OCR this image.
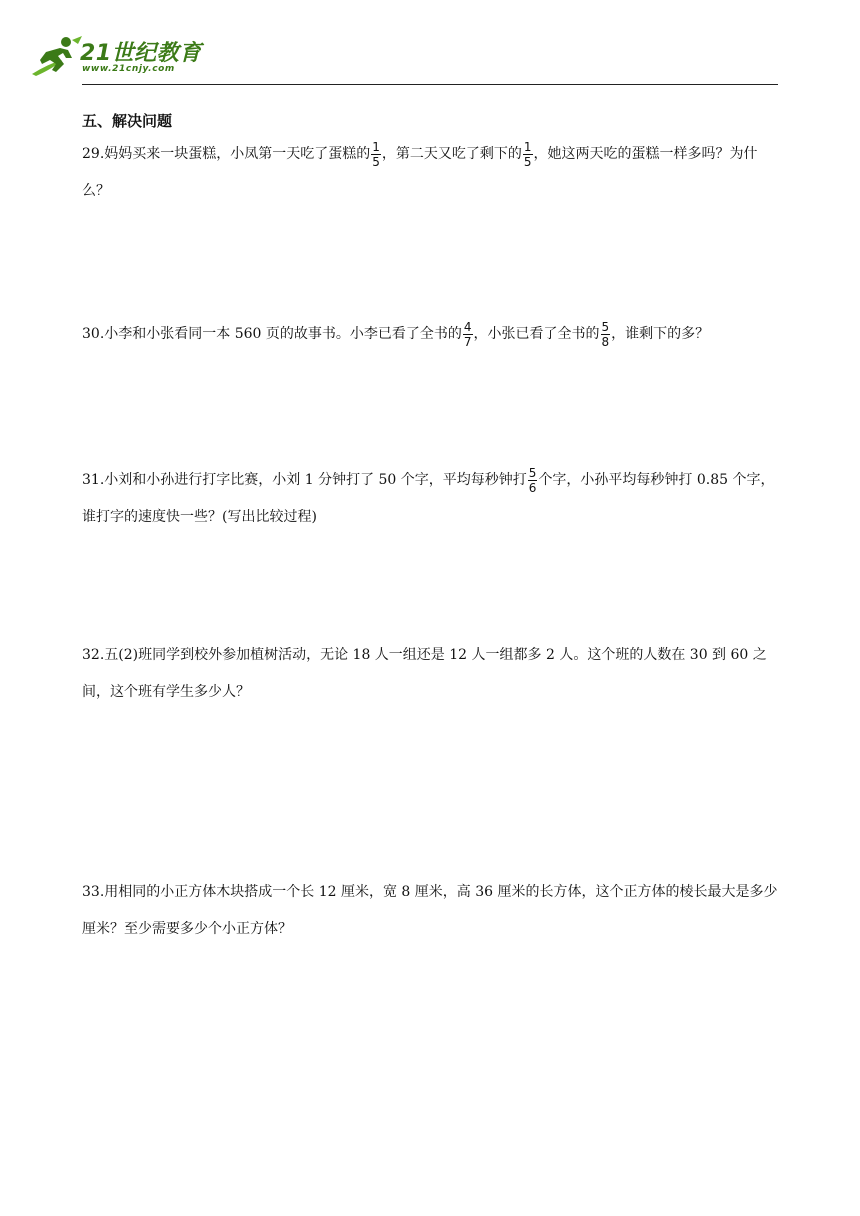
21世纪教育
www.21cnjy.com
五、解决问题
29.妈妈买来一块蛋糕，小凤第一天吃了蛋糕的 $\frac{1}{5}$ ，第二天又吃了剩下的 $\frac{1}{5}$ ，她这两天吃的蛋糕一样多吗？为什么？
30.小李和小张看同一本 560 页的故事书。小李已看了全书的 $\frac{4}{7}$ ，小张已看了全书的 $\frac{5}{8}$ ，谁剩下的多？
31.小刘和小孙进行打字比赛，小刘 1 分钟打了 50 个字，平均每秒钟打 $\frac{5}{6}$ 个字，小孙平均每秒钟打 0.85 个字，谁打字的速度快一些？(写出比较过程)
32.五(2)班同学到校外参加植树活动，无论 18 人一组还是 12 人一组都多 2 人。这个班的人数在 30 到 60 之间，这个班有学生多少人？
33.用相同的小正方体木块搭成一个长 12 厘米，宽 8 厘米，高 36 厘米的长方体，这个正方体的棱长最大是多少厘米？至少需要多少个小正方体？
